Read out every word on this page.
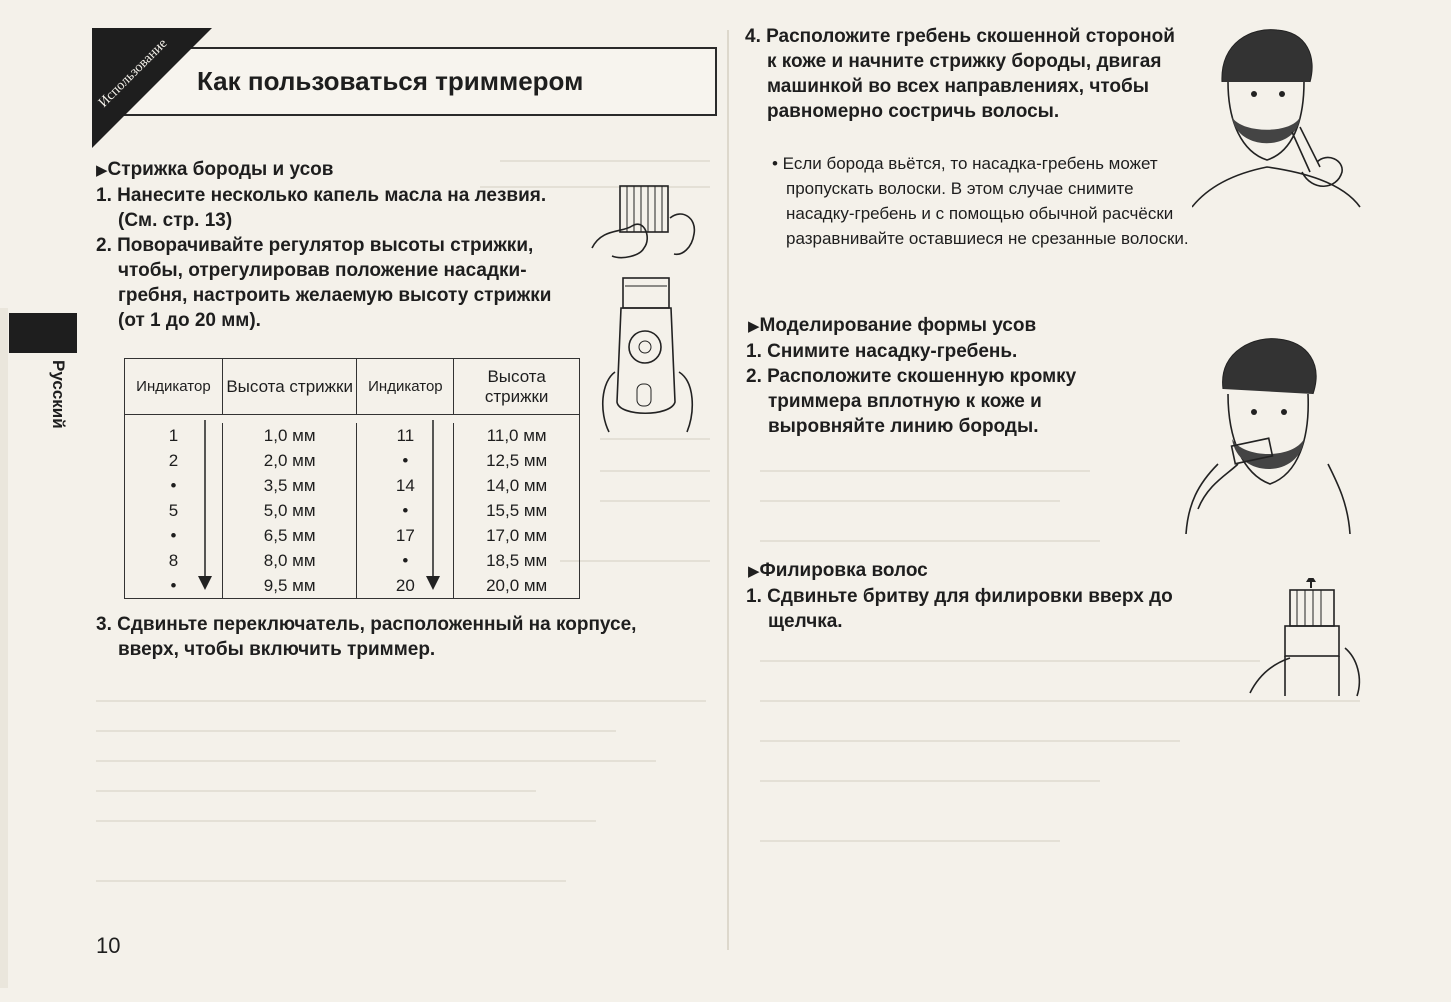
Использование Как пользоваться триммером
Русский
▶Стрижка бороды и усов
1. Нанесите несколько капель масла на лезвия. (См. стр. 13)
2. Поворачивайте регулятор высоты стрижки, чтобы, отрегулировав положение насадки-гребня, настроить желаемую высоту стрижки (от 1 до 20 мм).
Индикатор	Высота стрижки	Индикатор	Высота стрижки

1	1,0 мм	11	11,0 мм
2	2,0 мм	•	12,5 мм
•	3,5 мм	14	14,0 мм
5	5,0 мм	•	15,5 мм
•	6,5 мм	17	17,0 мм
8	8,0 мм	•	18,5 мм
•	9,5 мм	20	20,0 мм
3. Сдвиньте переключатель, расположенный на корпусе, вверх, чтобы включить триммер.
4. Расположите гребень скошенной стороной к коже и начните стрижку бороды, двигая машинкой во всех направлениях, чтобы равномерно состричь волосы.
• Если борода вьётся, то насадка-гребень может пропускать волоски. В этом случае снимите насадку-гребень и с помощью обычной расчёски разравнивайте оставшиеся не срезанные волоски.
▶Моделирование формы усов
1. Снимите насадку-гребень.
2. Расположите скошенную кромку триммера вплотную к коже и выровняйте линию бороды.
▶Филировка волос
1. Сдвиньте бритву для филировки вверх до щелчка.
10
